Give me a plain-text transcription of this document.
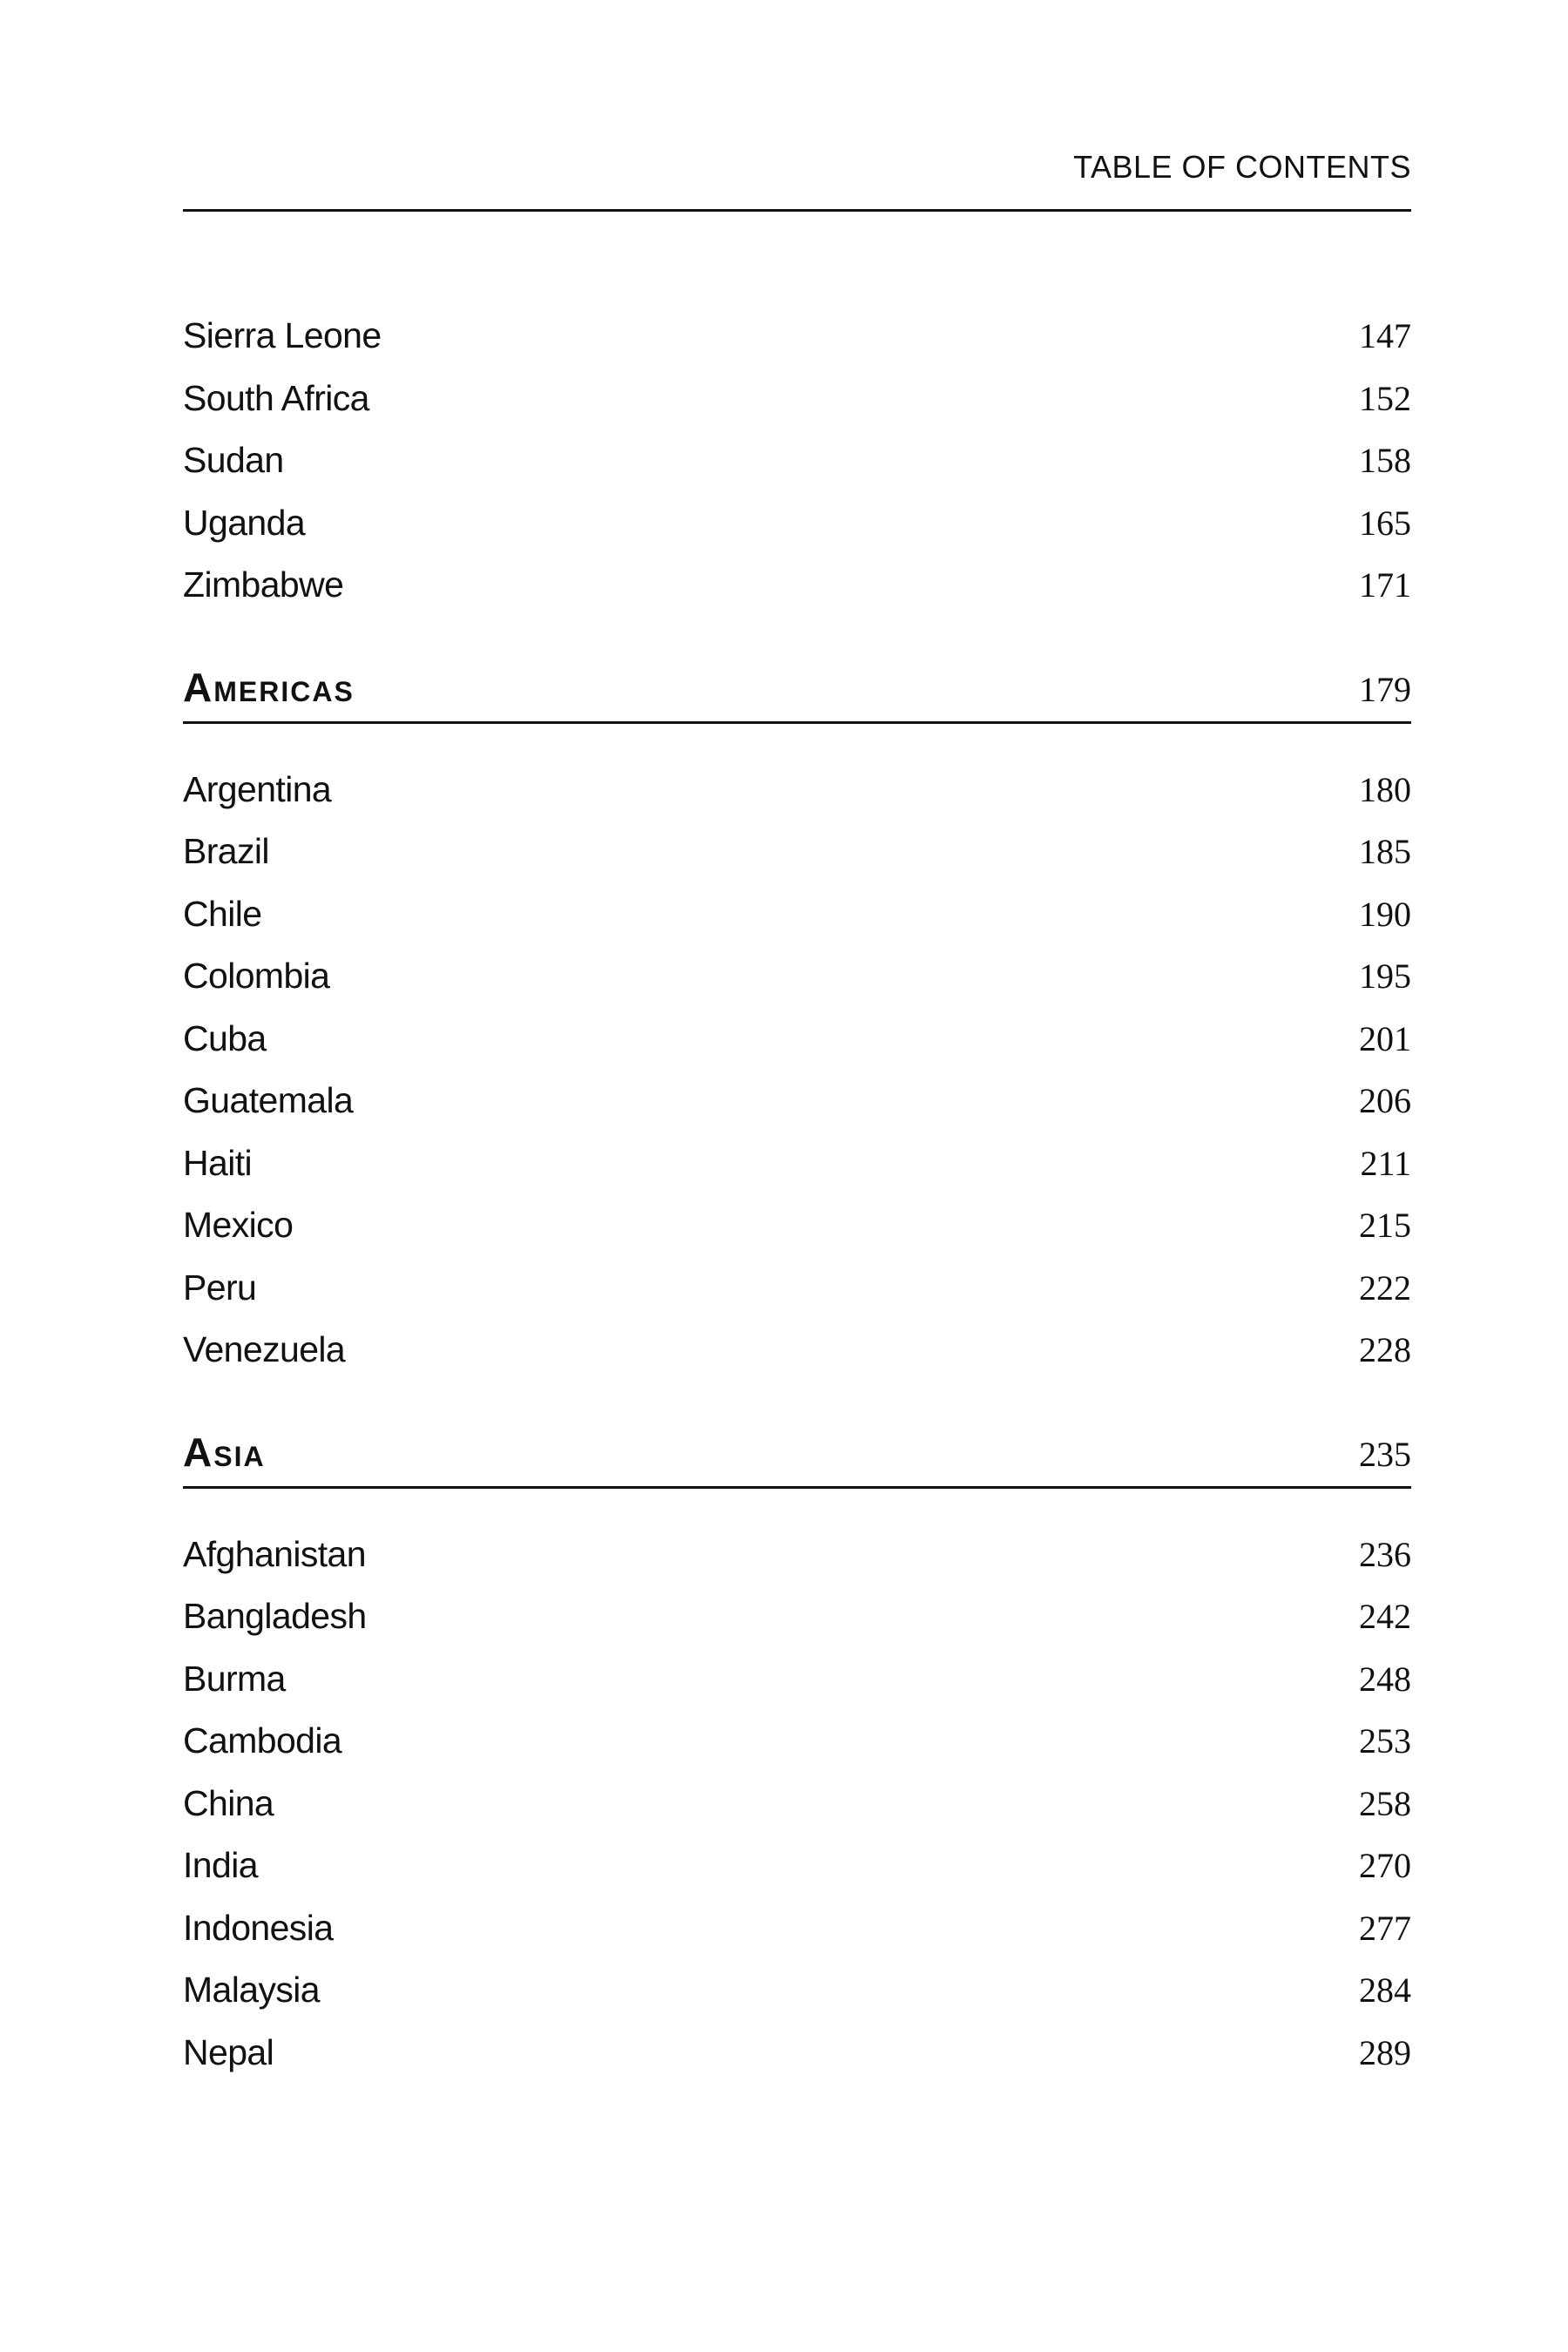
TABLE OF CONTENTS
Sierra Leone	147
South Africa	152
Sudan	158
Uganda	165
Zimbabwe	171
Americas	179
Argentina	180
Brazil	185
Chile	190
Colombia	195
Cuba	201
Guatemala	206
Haiti	211
Mexico	215
Peru	222
Venezuela	228
Asia	235
Afghanistan	236
Bangladesh	242
Burma	248
Cambodia	253
China	258
India	270
Indonesia	277
Malaysia	284
Nepal	289
